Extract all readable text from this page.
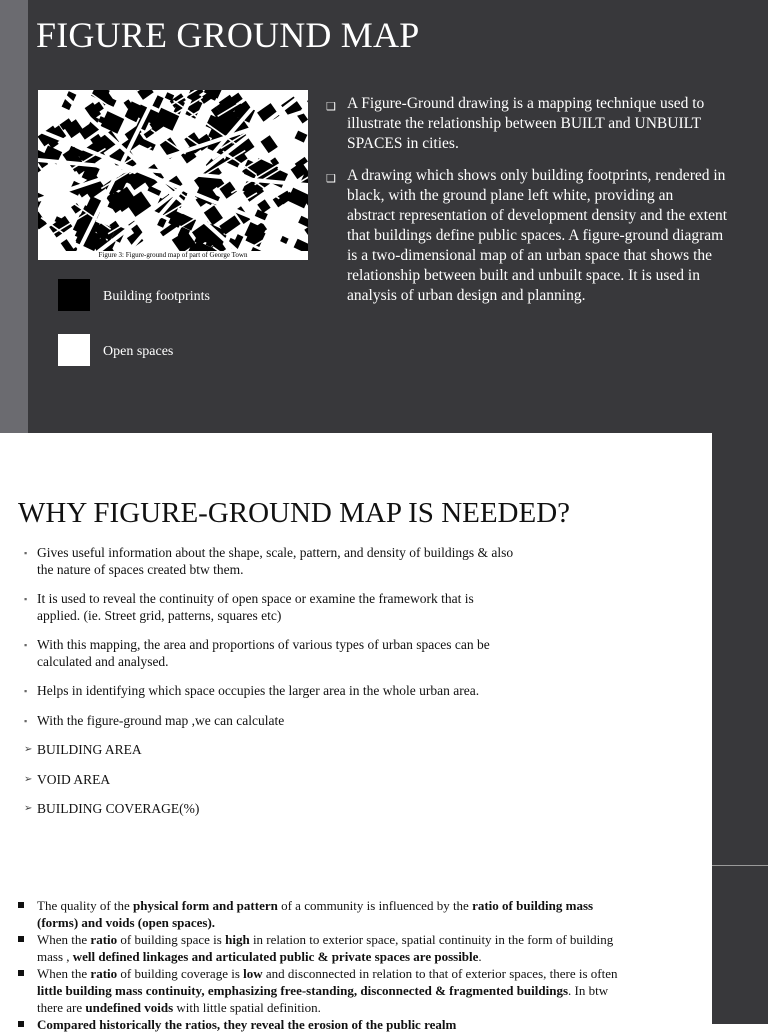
FIGURE GROUND MAP
Figure 3: Figure-ground map of part of George Town
Building footprints
Open spaces
❑ A Figure-Ground drawing is a mapping technique used to illustrate the relationship between BUILT and UNBUILT SPACES in cities.
❑ A drawing which shows only building footprints, rendered in black, with the ground plane left white, providing an
abstract representation of development density and the extent that buildings define public spaces. A figure-ground diagram is a two-dimensional map of an urban space that shows the relationship between built and unbuilt space. It is used in analysis of urban design and planning.
WHY FIGURE-GROUND MAP IS NEEDED?
▪ Gives useful information about the shape, scale, pattern, and density of buildings & also
the nature of spaces created btw them.
▪ It is used to reveal the continuity of open space or examine the framework that is
applied. (ie. Street grid, patterns, squares etc)
▪ With this mapping, the area and proportions of various types of urban spaces can be
calculated and analysed.
▪ Helps in identifying which space occupies the larger area in the whole urban area.
▪ With the figure-ground map ,we can calculate
➢ BUILDING AREA
➢ VOID AREA
➢ BUILDING COVERAGE(%)
The quality of the physical form and pattern of a community is influenced by the ratio of building mass
(forms) and voids (open spaces).
When the ratio of building space is high in relation to exterior space, spatial continuity in the form of building
mass , well defined linkages and articulated public & private spaces are possible.
When the ratio of building coverage is low and disconnected in relation to that of exterior spaces, there is often
little building mass continuity, emphasizing free-standing, disconnected & fragmented buildings. In btw
there are undefined voids with little spatial definition.
Compared historically the ratios, they reveal the erosion of the public realm
